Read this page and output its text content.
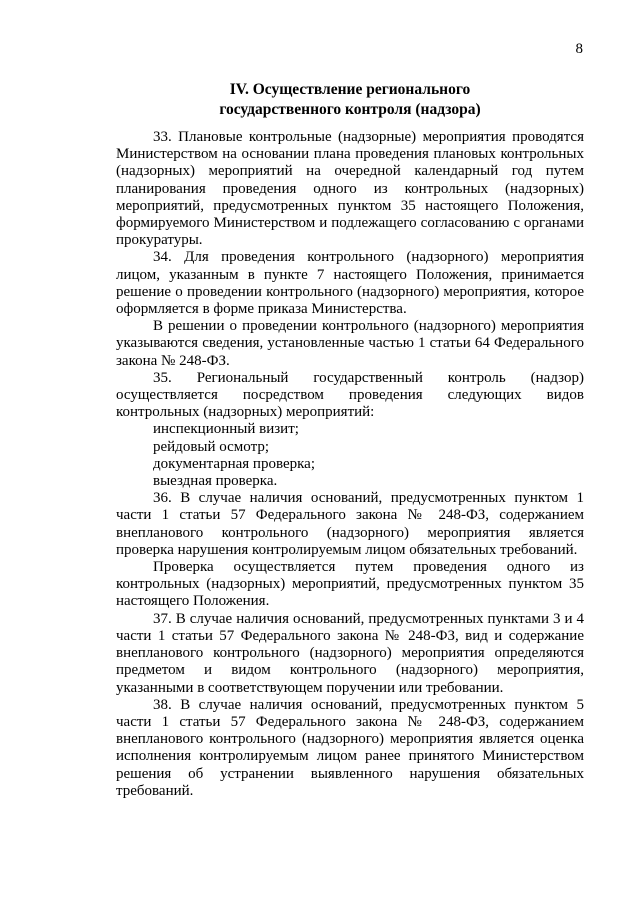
8
IV. Осуществление регионального
государственного контроля (надзора)

33. Плановые контрольные (надзорные) мероприятия проводятся Министерством на основании плана проведения плановых контрольных (надзорных) мероприятий на очередной календарный год путем планирования проведения одного из контрольных (надзорных) мероприятий, предусмотренных пунктом 35 настоящего Положения, формируемого Министерством и подлежащего согласованию с органами прокуратуры.

34. Для проведения контрольного (надзорного) мероприятия лицом, указанным в пункте 7 настоящего Положения, принимается решение о проведении контрольного (надзорного) мероприятия, которое оформляется в форме приказа Министерства.

В решении о проведении контрольного (надзорного) мероприятия указываются сведения, установленные частью 1 статьи 64 Федерального закона № 248-ФЗ.

35. Региональный государственный контроль (надзор) осуществляется посредством проведения следующих видов контрольных (надзорных) мероприятий:

инспекционный визит;

рейдовый осмотр;

документарная проверка;

выездная проверка.

36. В случае наличия оснований, предусмотренных пунктом 1 части 1 статьи 57 Федерального закона № 248-ФЗ, содержанием внепланового контрольного (надзорного) мероприятия является проверка нарушения контролируемым лицом обязательных требований.

Проверка осуществляется путем проведения одного из контрольных (надзорных) мероприятий, предусмотренных пунктом 35 настоящего Положения.

37. В случае наличия оснований, предусмотренных пунктами 3 и 4 части 1 статьи 57 Федерального закона № 248-ФЗ, вид и содержание внепланового контрольного (надзорного) мероприятия определяются предметом и видом контрольного (надзорного) мероприятия, указанными в соответствующем поручении или требовании.

38. В случае наличия оснований, предусмотренных пунктом 5 части 1 статьи 57 Федерального закона № 248-ФЗ, содержанием внепланового контрольного (надзорного) мероприятия является оценка исполнения контролируемым лицом ранее принятого Министерством решения об устранении выявленного нарушения обязательных требований.
